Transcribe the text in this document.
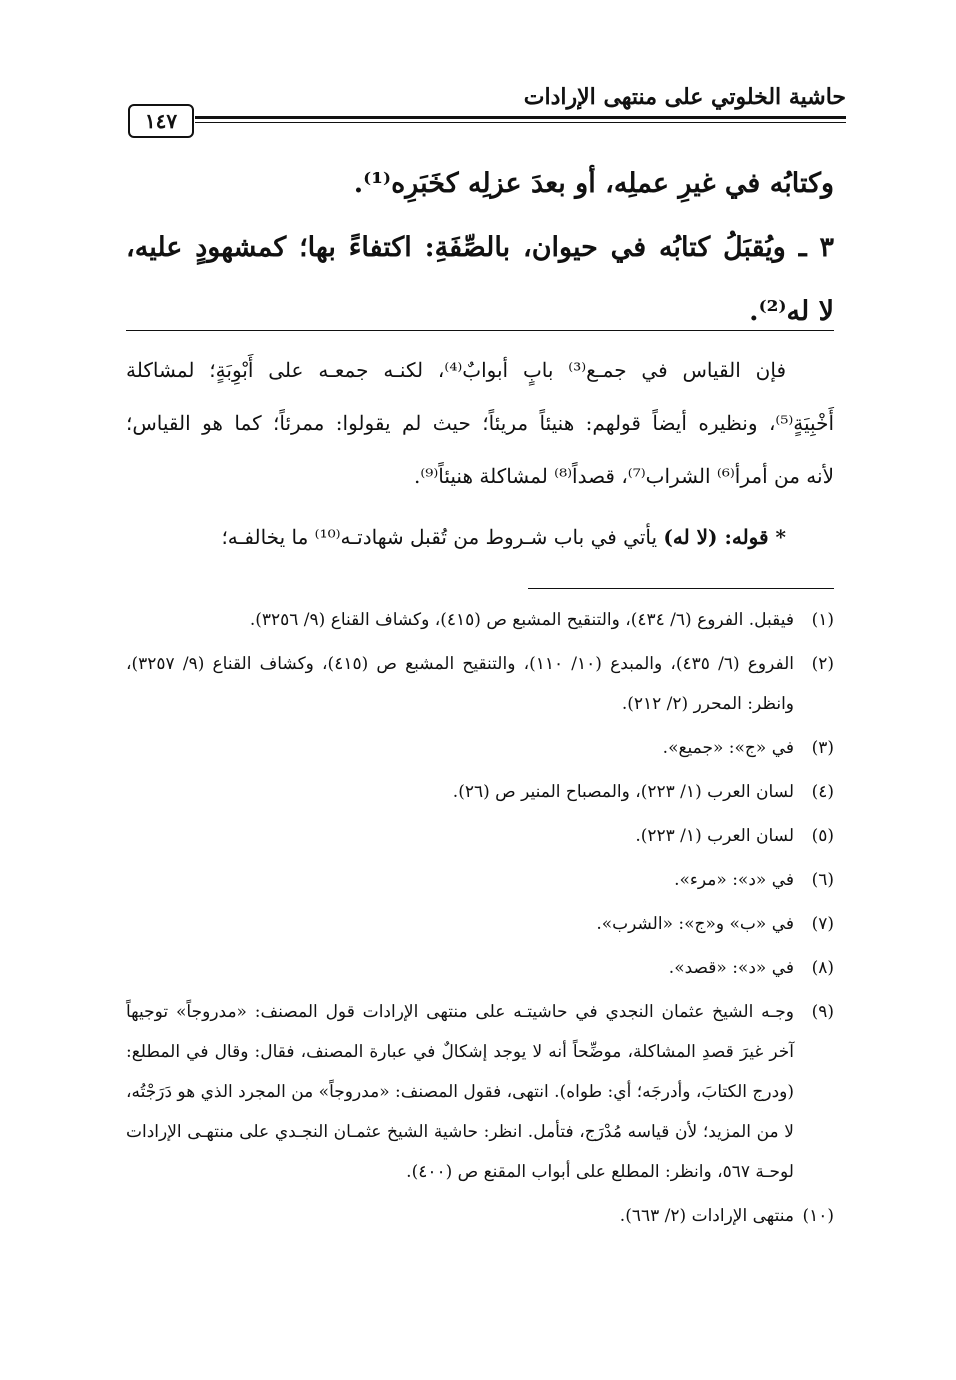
حاشية الخلوتي على منتهى الإرادات
١٤٧

وكتابُه في غيرِ عملِه، أو بعدَ عزلِه كخَبَرِه⁽¹⁾.

٣ ـ ويُقبَلُ كتابُه في حيوان، بالصِّفَةِ: اكتفاءً بها؛ كمشهودٍ عليه،

لا له⁽²⁾.

فإن القياس في جمـع⁽³⁾ بابٍ أبوابٌ⁽⁴⁾، لكنـه جمعـه على أَبْوِبَةٍ؛ لمشاكلة

أَخْبِيَةٍ⁽⁵⁾، ونظيره أيضاً قولهم: هنيئاً مريئاً؛ حيث لم يقولوا: ممرئاً؛ كما هو القياس؛

لأنه من أمرأ⁽⁶⁾ الشراب⁽⁷⁾، قصداً⁽⁸⁾ لمشاكلة هنيئاً⁽⁹⁾.

* قوله: (لا له) يأتي في باب شـروط من تُقبل شهادتـه⁽¹⁰⁾ ما يخالفـه؛

(١)
فيقبل. الفروع (٦/ ٤٣٤)، والتنقيح المشبع ص (٤١٥)، وكشاف القناع (٩/ ٣٢٥٦).
(٢)
الفروع (٦/ ٤٣٥)، والمبدع (١٠/ ١١٠)، والتنقيح المشبع ص (٤١٥)، وكشاف القناع (٩/ ٣٢٥٧)، وانظر: المحرر (٢/ ٢١٢).
(٣)
في «ج»: «جميع».
(٤)
لسان العرب (١/ ٢٢٣)، والمصباح المنير ص (٢٦).
(٥)
لسان العرب (١/ ٢٢٣).
(٦)
في «د»: «مرء».
(٧)
في «ب» و«ج»: «الشرب».
(٨)
في «د»: «قصد».
(٩)
وجـه الشيخ عثمان النجدي في حاشيتـه على منتهى الإرادات قول المصنف: «مدروجاً» توجيهاً آخر غيرَ قصدِ المشاكلة، موضِّحاً أنه لا يوجد إشكالٌ في عبارة المصنف، فقال: وقال في المطلع: (ودرج الكتابَ، وأدرجَه؛ أي: طواه). انتهى، فقول المصنف: «مدروجاً» من المجرد الذي هو دَرَجْتُه، لا من المزيد؛ لأن قياسه مُدْرَج، فتأمل. انظر: حاشية الشيخ عثمـان النجـدي على منتهـى الإرادات لوحـة ٥٦٧، وانظر: المطلع على أبواب المقنع ص (٤٠٠).
(١٠)
منتهى الإرادات (٢/ ٦٦٣).
